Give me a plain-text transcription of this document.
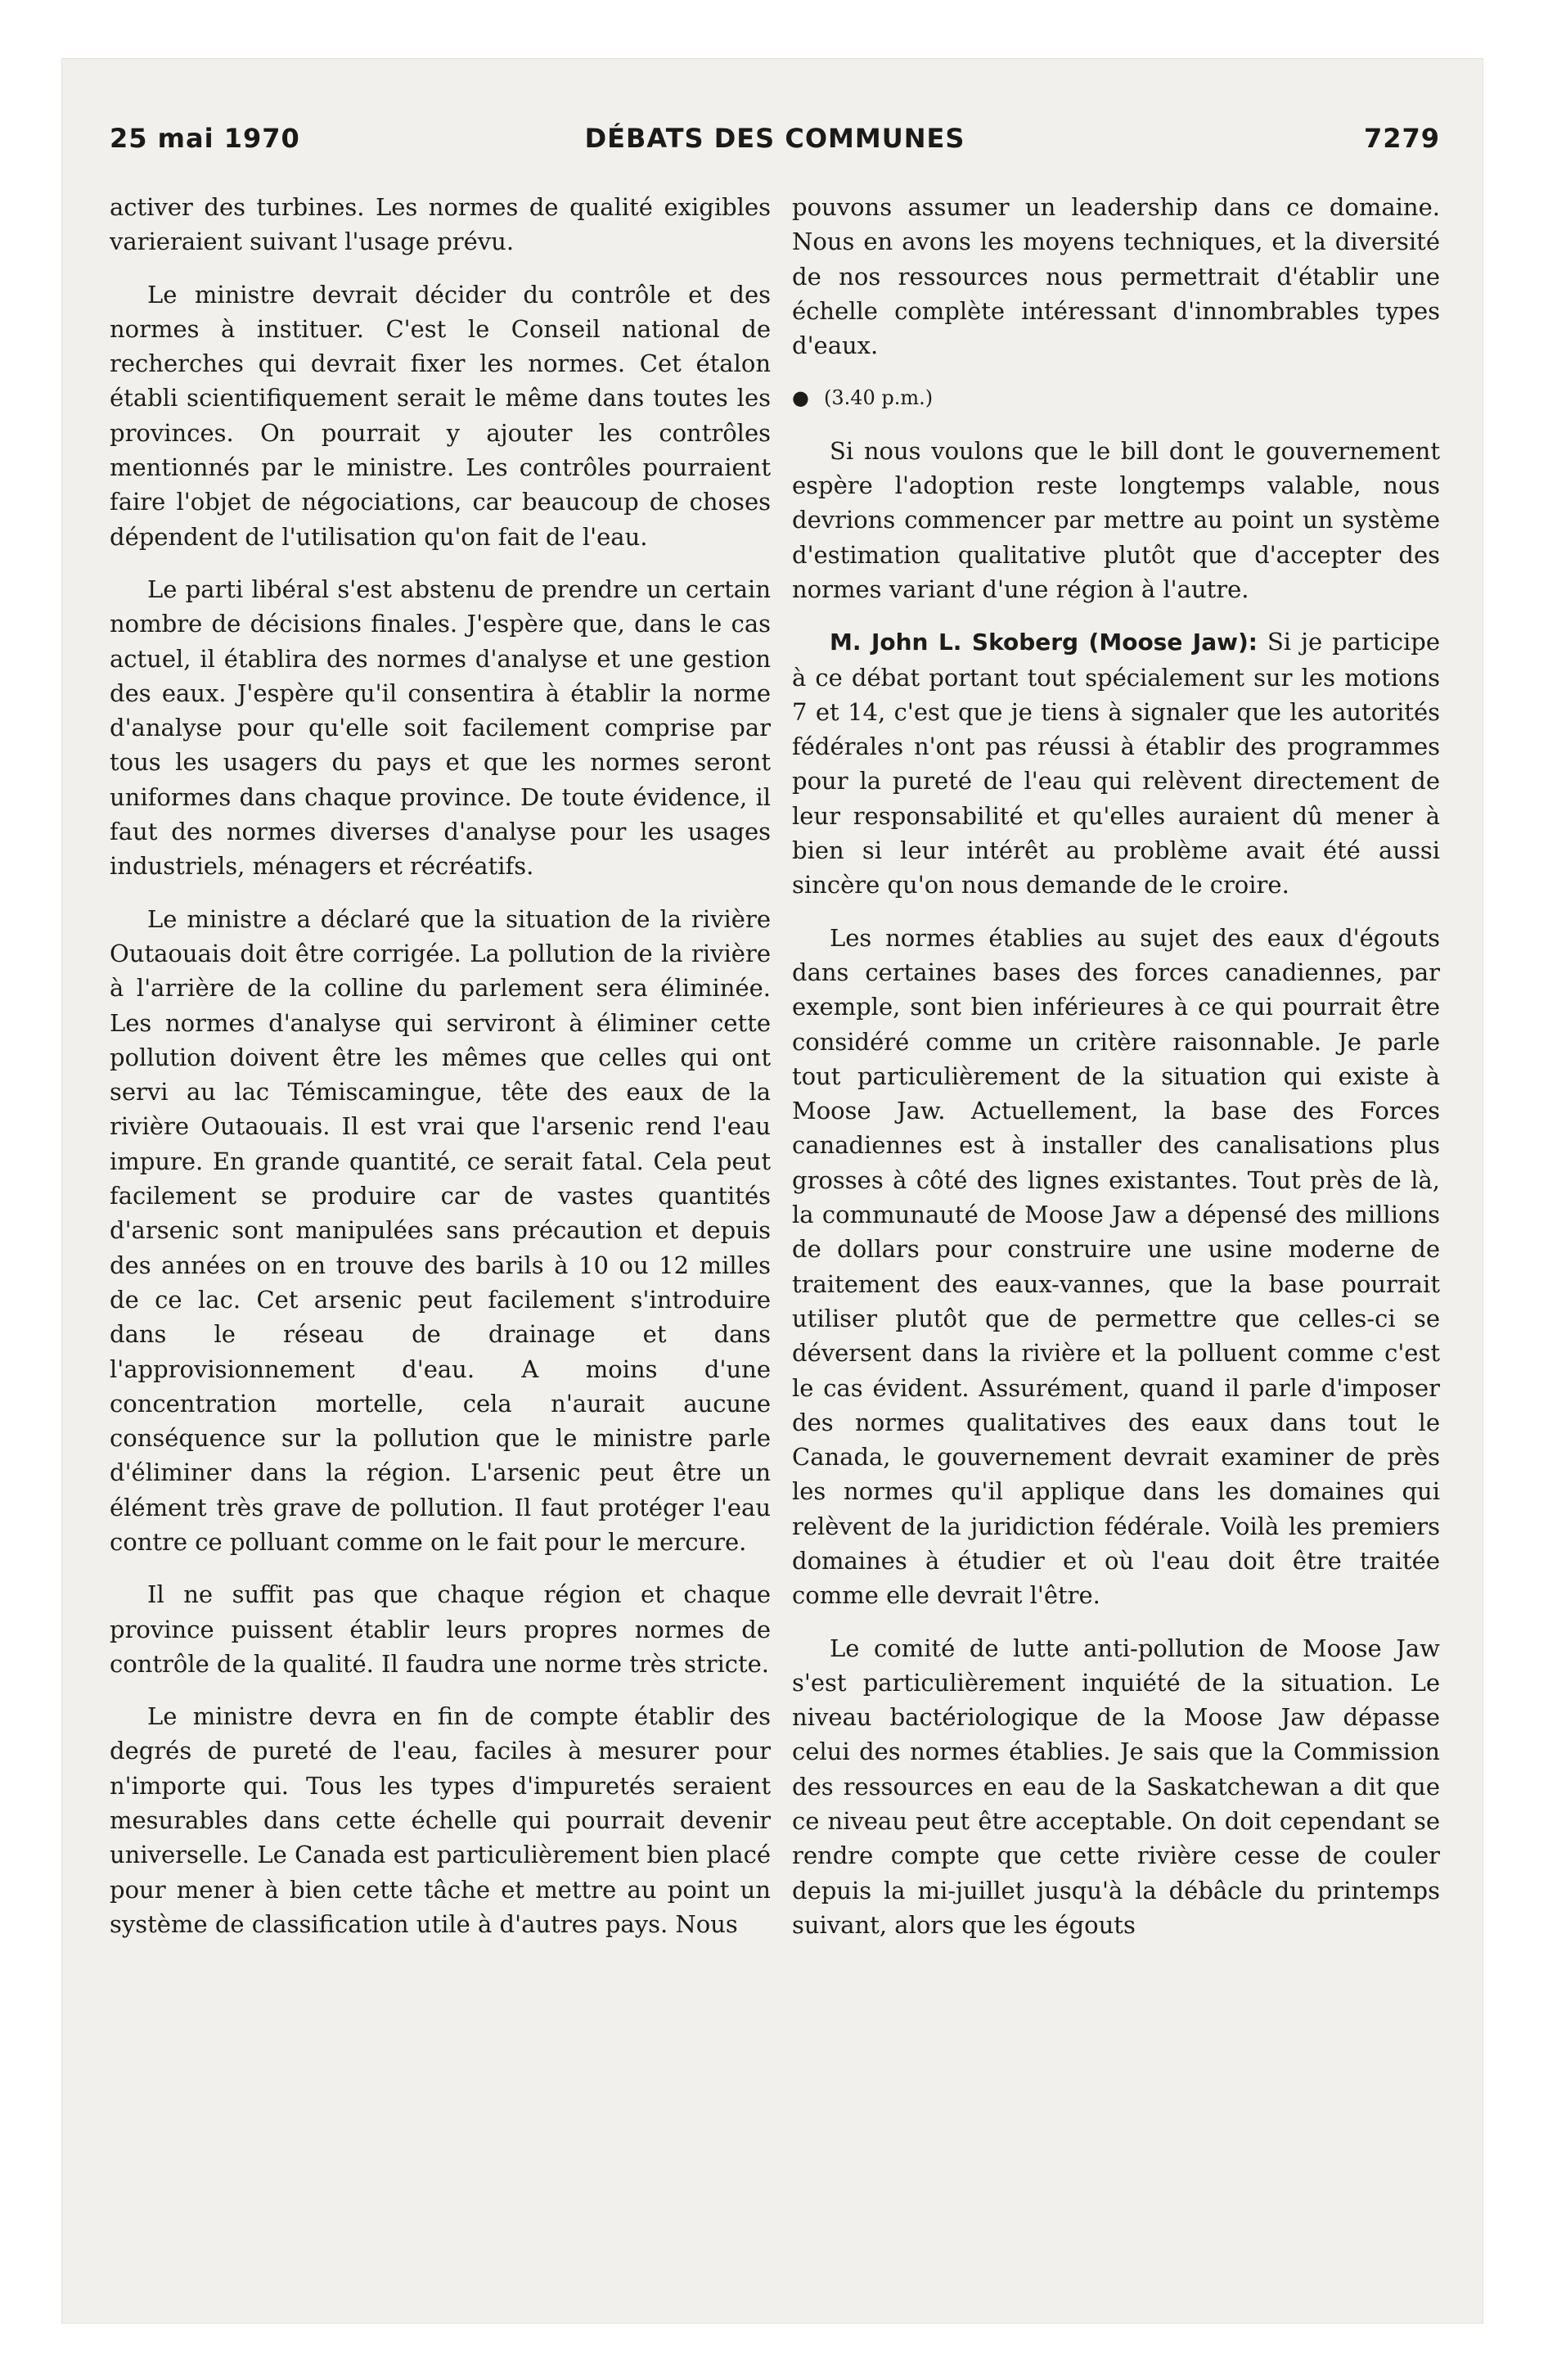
25 mai 1970	DÉBATS DES COMMUNES	7279

activer des turbines. Les normes de qualité exigibles varieraient suivant l'usage prévu.

Le ministre devrait décider du contrôle et des normes à instituer. C'est le Conseil national de recherches qui devrait fixer les normes. Cet étalon établi scientifiquement serait le même dans toutes les provinces. On pourrait y ajouter les contrôles mentionnés par le ministre. Les contrôles pourraient faire l'objet de négociations, car beaucoup de choses dépendent de l'utilisation qu'on fait de l'eau.

Le parti libéral s'est abstenu de prendre un certain nombre de décisions finales. J'espère que, dans le cas actuel, il établira des normes d'analyse et une gestion des eaux. J'espère qu'il consentira à établir la norme d'analyse pour qu'elle soit facilement comprise par tous les usagers du pays et que les normes seront uniformes dans chaque province. De toute évidence, il faut des normes diverses d'analyse pour les usages industriels, ménagers et récréatifs.

Le ministre a déclaré que la situation de la rivière Outaouais doit être corrigée. La pollution de la rivière à l'arrière de la colline du parlement sera éliminée. Les normes d'analyse qui serviront à éliminer cette pollution doivent être les mêmes que celles qui ont servi au lac Témiscamingue, tête des eaux de la rivière Outaouais. Il est vrai que l'arsenic rend l'eau impure. En grande quantité, ce serait fatal. Cela peut facilement se produire car de vastes quantités d'arsenic sont manipulées sans précaution et depuis des années on en trouve des barils à 10 ou 12 milles de ce lac. Cet arsenic peut facilement s'introduire dans le réseau de drainage et dans l'approvisionnement d'eau. A moins d'une concentration mortelle, cela n'aurait aucune conséquence sur la pollution que le ministre parle d'éliminer dans la région. L'arsenic peut être un élément très grave de pollution. Il faut protéger l'eau contre ce polluant comme on le fait pour le mercure.

Il ne suffit pas que chaque région et chaque province puissent établir leurs propres normes de contrôle de la qualité. Il faudra une norme très stricte.

Le ministre devra en fin de compte établir des degrés de pureté de l'eau, faciles à mesurer pour n'importe qui. Tous les types d'impuretés seraient mesurables dans cette échelle qui pourrait devenir universelle. Le Canada est particulièrement bien placé pour mener à bien cette tâche et mettre au point un système de classification utile à d'autres pays. Nous

pouvons assumer un leadership dans ce domaine. Nous en avons les moyens techniques, et la diversité de nos ressources nous permettrait d'établir une échelle complète intéressant d'innombrables types d'eaux.

● (3.40 p.m.)

Si nous voulons que le bill dont le gouvernement espère l'adoption reste longtemps valable, nous devrions commencer par mettre au point un système d'estimation qualitative plutôt que d'accepter des normes variant d'une région à l'autre.

M. John L. Skoberg (Moose Jaw): Si je participe à ce débat portant tout spécialement sur les motions 7 et 14, c'est que je tiens à signaler que les autorités fédérales n'ont pas réussi à établir des programmes pour la pureté de l'eau qui relèvent directement de leur responsabilité et qu'elles auraient dû mener à bien si leur intérêt au problème avait été aussi sincère qu'on nous demande de le croire.

Les normes établies au sujet des eaux d'égouts dans certaines bases des forces canadiennes, par exemple, sont bien inférieures à ce qui pourrait être considéré comme un critère raisonnable. Je parle tout particulièrement de la situation qui existe à Moose Jaw. Actuellement, la base des Forces canadiennes est à installer des canalisations plus grosses à côté des lignes existantes. Tout près de là, la communauté de Moose Jaw a dépensé des millions de dollars pour construire une usine moderne de traitement des eaux-vannes, que la base pourrait utiliser plutôt que de permettre que celles-ci se déversent dans la rivière et la polluent comme c'est le cas évident. Assurément, quand il parle d'imposer des normes qualitatives des eaux dans tout le Canada, le gouvernement devrait examiner de près les normes qu'il applique dans les domaines qui relèvent de la juridiction fédérale. Voilà les premiers domaines à étudier et où l'eau doit être traitée comme elle devrait l'être.

Le comité de lutte anti-pollution de Moose Jaw s'est particulièrement inquiété de la situation. Le niveau bactériologique de la Moose Jaw dépasse celui des normes établies. Je sais que la Commission des ressources en eau de la Saskatchewan a dit que ce niveau peut être acceptable. On doit cependant se rendre compte que cette rivière cesse de couler depuis la mi-juillet jusqu'à la débâcle du printemps suivant, alors que les égouts
